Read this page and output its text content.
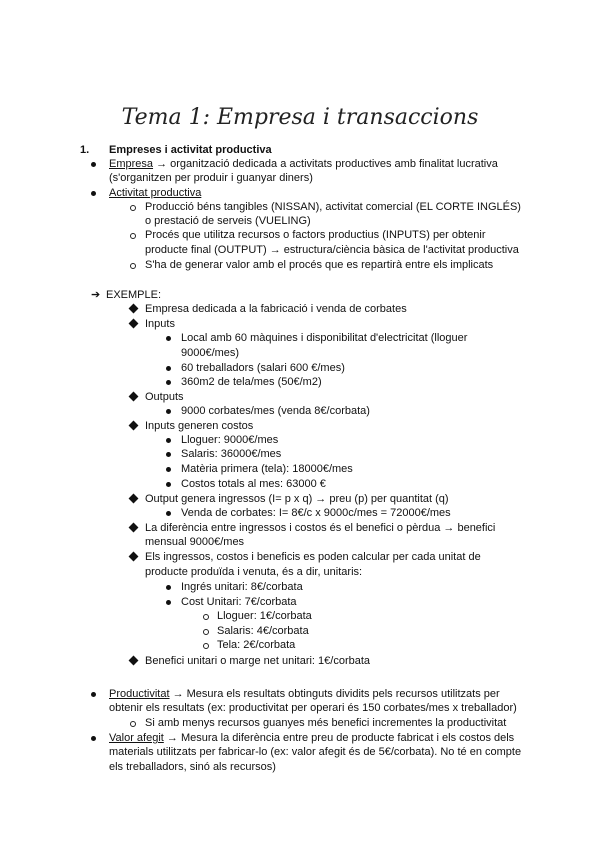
Tema 1: Empresa i transaccions
1. Empreses i activitat productiva
Empresa → organització dedicada a activitats productives amb finalitat lucrativa
(s'organitzen per produir i guanyar diners)
Activitat productiva
Producció béns tangibles (NISSAN), activitat comercial (EL CORTE INGLÉS)
o prestació de serveis (VUELING)
Procés que utilitza recursos o factors productius (INPUTS) per obtenir
producte final (OUTPUT) → estructura/ciència bàsica de l'activitat productiva
S'ha de generar valor amb el procés que es repartirà entre els implicats
➔ EXEMPLE:
Empresa dedicada a la fabricació i venda de corbates
Inputs
Local amb 60 màquines i disponibilitat d'electricitat (lloguer
9000€/mes)
60 treballadors (salari 600 €/mes)
360m2 de tela/mes (50€/m2)
Outputs
9000 corbates/mes (venda 8€/corbata)
Inputs generen costos
Lloguer: 9000€/mes
Salaris: 36000€/mes
Matèria primera (tela): 18000€/mes
Costos totals al mes: 63000 €
Output genera ingressos (I= p x q) → preu (p) per quantitat (q)
Venda de corbates: I= 8€/c x 9000c/mes = 72000€/mes
La diferència entre ingressos i costos és el benefici o pèrdua → benefici
mensual 9000€/mes
Els ingressos, costos i beneficis es poden calcular per cada unitat de
producte produïda i venuta, és a dir, unitaris:
Ingrés unitari: 8€/corbata
Cost Unitari: 7€/corbata
Lloguer: 1€/corbata
Salaris: 4€/corbata
Tela: 2€/corbata
Benefici unitari o marge net unitari: 1€/corbata
Productivitat → Mesura els resultats obtinguts dividits pels recursos utilitzats per
obtenir els resultats (ex: productivitat per operari és 150 corbates/mes x treballador)
Si amb menys recursos guanyes més benefici incrementes la productivitat
Valor afegit → Mesura la diferència entre preu de producte fabricat i els costos dels
materials utilitzats per fabricar-lo (ex: valor afegit és de 5€/corbata). No té en compte
els treballadors, sinó als recursos)
